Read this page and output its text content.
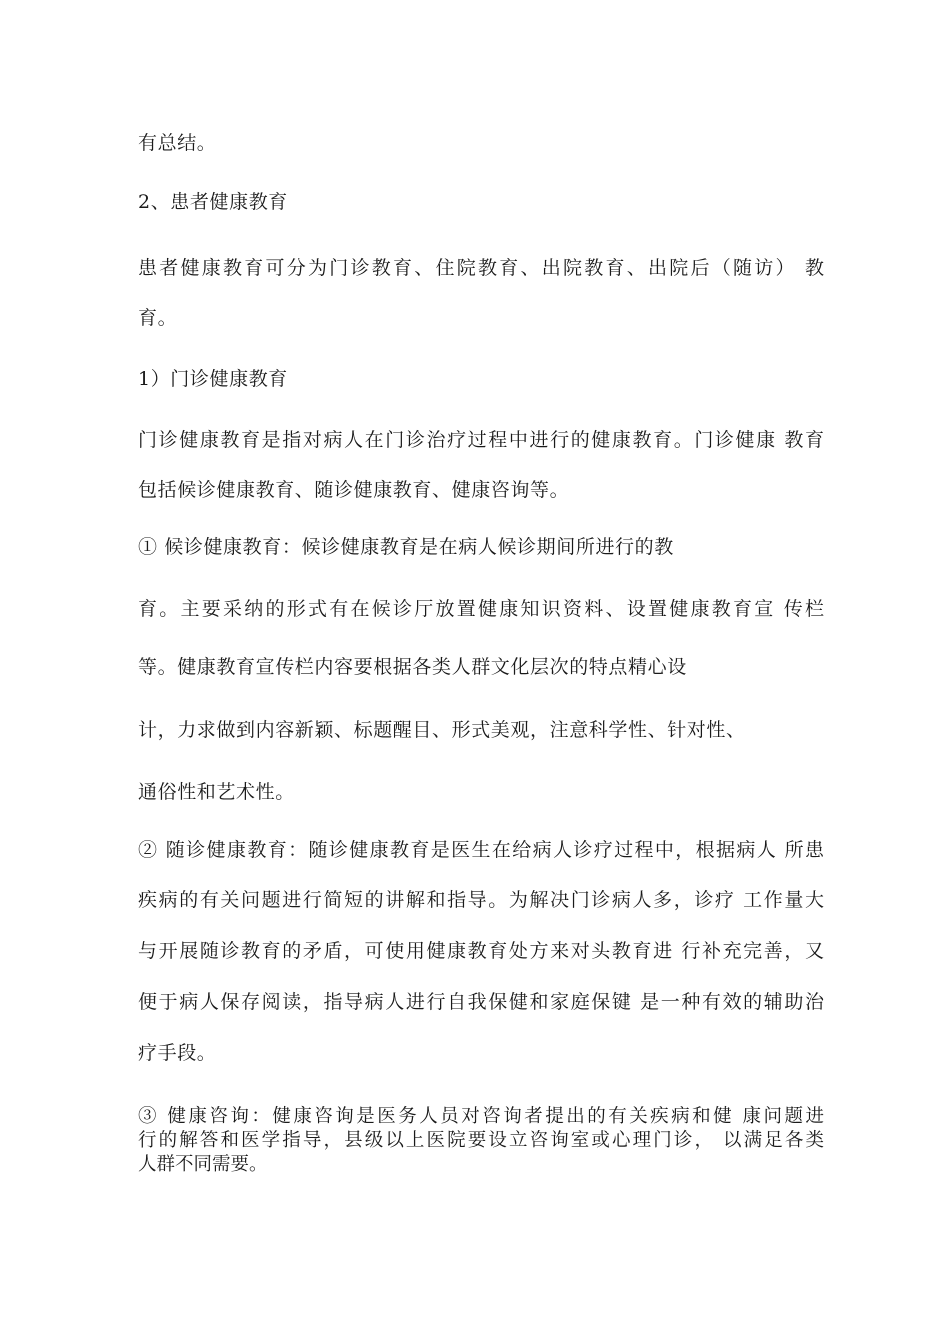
有总结。
2、患者健康教育
患者健康教育可分为门诊教育、住院教育、出院教育、出院后（随访） 教
育。
1）门诊健康教育
门诊健康教育是指对病人在门诊治疗过程中进行的健康教育。门诊健康 教育
包括候诊健康教育、随诊健康教育、健康咨询等。
① 候诊健康教育：候诊健康教育是在病人候诊期间所进行的教
育。主要采纳的形式有在候诊厅放置健康知识资料、设置健康教育宣 传栏
等。健康教育宣传栏内容要根据各类人群文化层次的特点精心设
计，力求做到内容新颖、标题醒目、形式美观，注意科学性、针对性、
通俗性和艺术性。
② 随诊健康教育：随诊健康教育是医生在给病人诊疗过程中，根据病人 所患
疾病的有关问题进行简短的讲解和指导。为解决门诊病人多，诊疗 工作量大
与开展随诊教育的矛盾，可使用健康教育处方来对头教育进 行补充完善，又
便于病人保存阅读，指导病人进行自我保健和家庭保键 是一种有效的辅助治
疗手段。
③ 健康咨询：健康咨询是医务人员对咨询者提出的有关疾病和健 康问题进
行的解答和医学指导，县级以上医院要设立咨询室或心理门诊， 以满足各类
人群不同需要。
